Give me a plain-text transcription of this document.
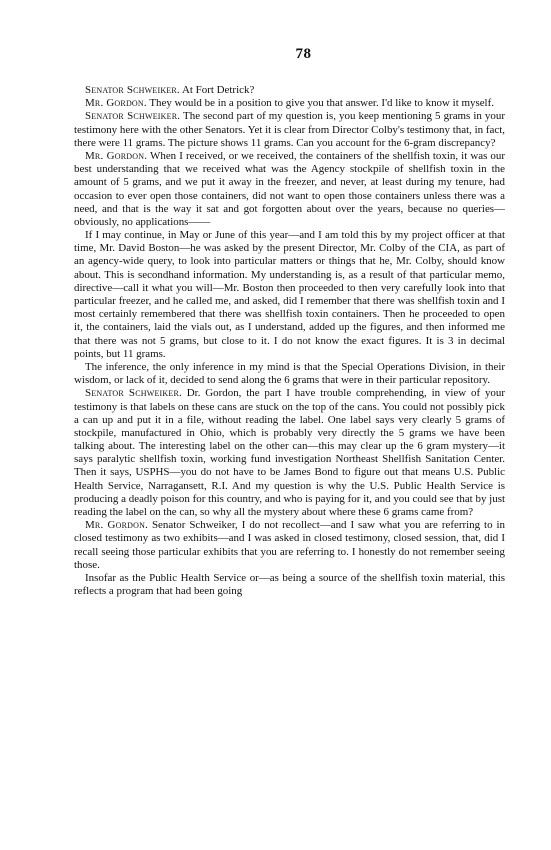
78

Senator Schweiker. At Fort Detrick?

Mr. Gordon. They would be in a position to give you that answer. I'd like to know it myself.

Senator Schweiker. The second part of my question is, you keep mentioning 5 grams in your testimony here with the other Senators. Yet it is clear from Director Colby's testimony that, in fact, there were 11 grams. The picture shows 11 grams. Can you account for the 6-gram discrepancy?

Mr. Gordon. When I received, or we received, the containers of the shellfish toxin, it was our best understanding that we received what was the Agency stockpile of shellfish toxin in the amount of 5 grams, and we put it away in the freezer, and never, at least during my tenure, had occasion to ever open those containers, did not want to open those containers unless there was a need, and that is the way it sat and got forgotten about over the years, because no queries—obviously, no applications——

If I may continue, in May or June of this year—and I am told this by my project officer at that time, Mr. David Boston—he was asked by the present Director, Mr. Colby of the CIA, as part of an agency-wide query, to look into particular matters or things that he, Mr. Colby, should know about. This is secondhand information. My understanding is, as a result of that particular memo, directive—call it what you will—Mr. Boston then proceeded to then very carefully look into that particular freezer, and he called me, and asked, did I remember that there was shellfish toxin and I most certainly remembered that there was shellfish toxin containers. Then he proceeded to open it, the containers, laid the vials out, as I understand, added up the figures, and then informed me that there was not 5 grams, but close to it. I do not know the exact figures. It is 3 in decimal points, but 11 grams.

The inference, the only inference in my mind is that the Special Operations Division, in their wisdom, or lack of it, decided to send along the 6 grams that were in their particular repository.

Senator Schweiker. Dr. Gordon, the part I have trouble comprehending, in view of your testimony is that labels on these cans are stuck on the top of the cans. You could not possibly pick a can up and put it in a file, without reading the label. One label says very clearly 5 grams of stockpile, manufactured in Ohio, which is probably very directly the 5 grams we have been talking about. The interesting label on the other can—this may clear up the 6 gram mystery—it says paralytic shellfish toxin, working fund investigation Northeast Shellfish Sanitation Center. Then it says, USPHS—you do not have to be James Bond to figure out that means U.S. Public Health Service, Narragansett, R.I. And my question is why the U.S. Public Health Service is producing a deadly poison for this country, and who is paying for it, and you could see that by just reading the label on the can, so why all the mystery about where these 6 grams came from?

Mr. Gordon. Senator Schweiker, I do not recollect—and I saw what you are referring to in closed testimony as two exhibits—and I was asked in closed testimony, closed session, that, did I recall seeing those particular exhibits that you are referring to. I honestly do not remember seeing those.

Insofar as the Public Health Service or—as being a source of the shellfish toxin material, this reflects a program that had been going
